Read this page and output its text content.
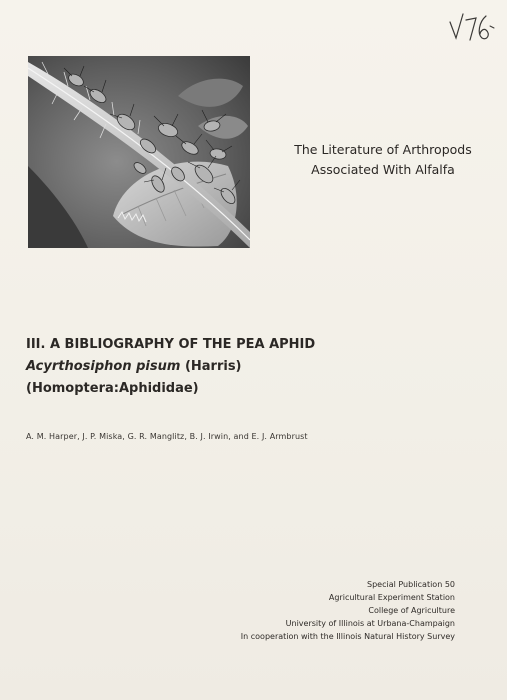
The Literature of Arthropods
Associated With Alfalfa
III. A BIBLIOGRAPHY OF THE PEA APHID
Acyrthosiphon pisum (Harris)
(Homoptera:Aphididae)
A. M. Harper, J. P. Miska, G. R. Manglitz, B. J. Irwin, and E. J. Armbrust
Special Publication 50
Agricultural Experiment Station
College of Agriculture
University of Illinois at Urbana-Champaign
In cooperation with the Illinois Natural History Survey
